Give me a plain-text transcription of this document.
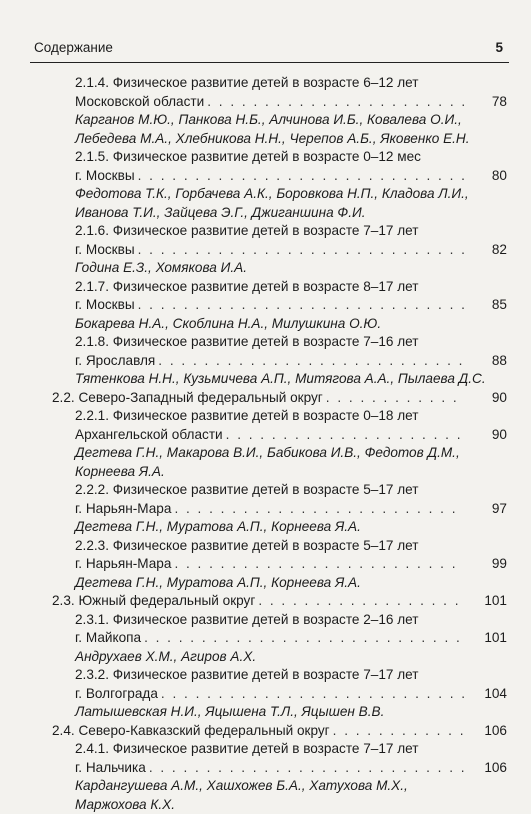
Содержание	5
2.1.4. Физическое развитие детей в возрасте 6–12 лет
Московской области . . .	78
Карганов М.Ю., Панкова Н.Б., Алчинова И.Б., Ковалева О.И.,
Лебедева М.А., Хлебникова Н.Н., Черепов А.Б., Яковенко Е.Н.
2.1.5. Физическое развитие детей в возрасте 0–12 мес
г. Москвы . . .	80
Федотова Т.К., Горбачева А.К., Боровкова Н.П., Кладова Л.И.,
Иванова Т.И., Зайцева Э.Г., Джиганшина Ф.И.
2.1.6. Физическое развитие детей в возрасте 7–17 лет
г. Москвы . . .	82
Година Е.З., Хомякова И.А.
2.1.7. Физическое развитие детей в возрасте 8–17 лет
г. Москвы . . .	85
Бокарева Н.А., Скоблина Н.А., Милушкина О.Ю.
2.1.8. Физическое развитие детей в возрасте 7–16 лет
г. Ярославля . . .	88
Тятенкова Н.Н., Кузьмичева А.П., Митягова А.А., Пылаева Д.С.
2.2. Северо-Западный федеральный округ . . .	90
2.2.1. Физическое развитие детей в возрасте 0–18 лет
Архангельской области . . .	90
Дегтева Г.Н., Макарова В.И., Бабикова И.В., Федотов Д.М.,
Корнеева Я.А.
2.2.2. Физическое развитие детей в возрасте 5–17 лет
г. Нарьян-Мара . . .	97
Дегтева Г.Н., Муратова А.П., Корнеева Я.А.
2.2.3. Физическое развитие детей в возрасте 5–17 лет
г. Нарьян-Мара . . .	99
Дегтева Г.Н., Муратова А.П., Корнеева Я.А.
2.3. Южный федеральный округ . . .	101
2.3.1. Физическое развитие детей в возрасте 2–16 лет
г. Майкопа . . .	101
Андрухаев Х.М., Агиров А.Х.
2.3.2. Физическое развитие детей в возрасте 7–17 лет
г. Волгограда . . .	104
Латышевская Н.И., Яцышена Т.Л., Яцышен В.В.
2.4. Северо-Кавказский федеральный округ . . .	106
2.4.1. Физическое развитие детей в возрасте 7–17 лет
г. Нальчика . . .	106
Кардангушева А.М., Хашхожев Б.А., Хатухова М.Х.,
Маржохова К.Х.
